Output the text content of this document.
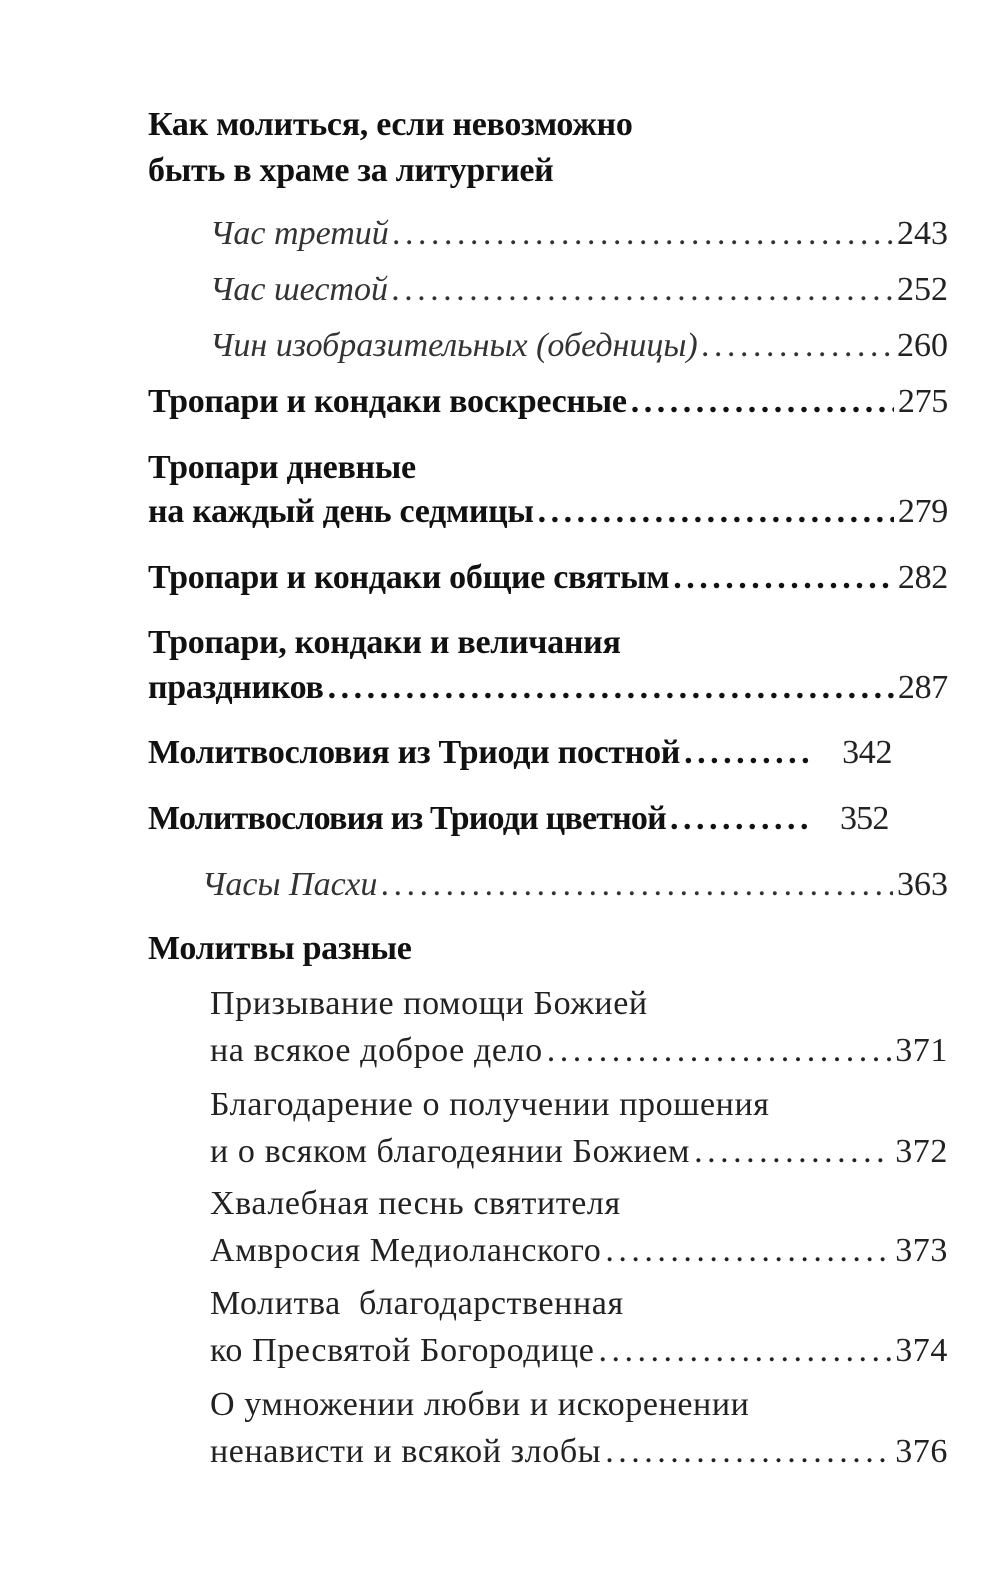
Как молиться, если невозможно
быть в храме за литургией
Час третий . . .	243
Час шестой . . .	252
Чин изобразительных (обедницы) . . .	260
Тропари и кондаки воскресные . . .	275
Тропари дневные
на каждый день седмицы . . .	279
Тропари и кондаки общие святым . . .	282
Тропари, кондаки и величания
праздников . . .	287
Молитвословия из Триоди постной . . .	342
Молитвословия из Триоди цветной . . .	352
Часы Пасхи . . .	363
Молитвы разные
Призывание помощи Божией
на всякое доброе дело . . .	371
Благодарение о получении прошения
и о всяком благодеянии Божием . . .	372
Хвалебная песнь святителя
Амвросия Медиоланского . . .	373
Молитва  благодарственная
ко Пресвятой Богородице . . .	374
О умножении любви и искоренении
ненависти и всякой злобы . . .	376
